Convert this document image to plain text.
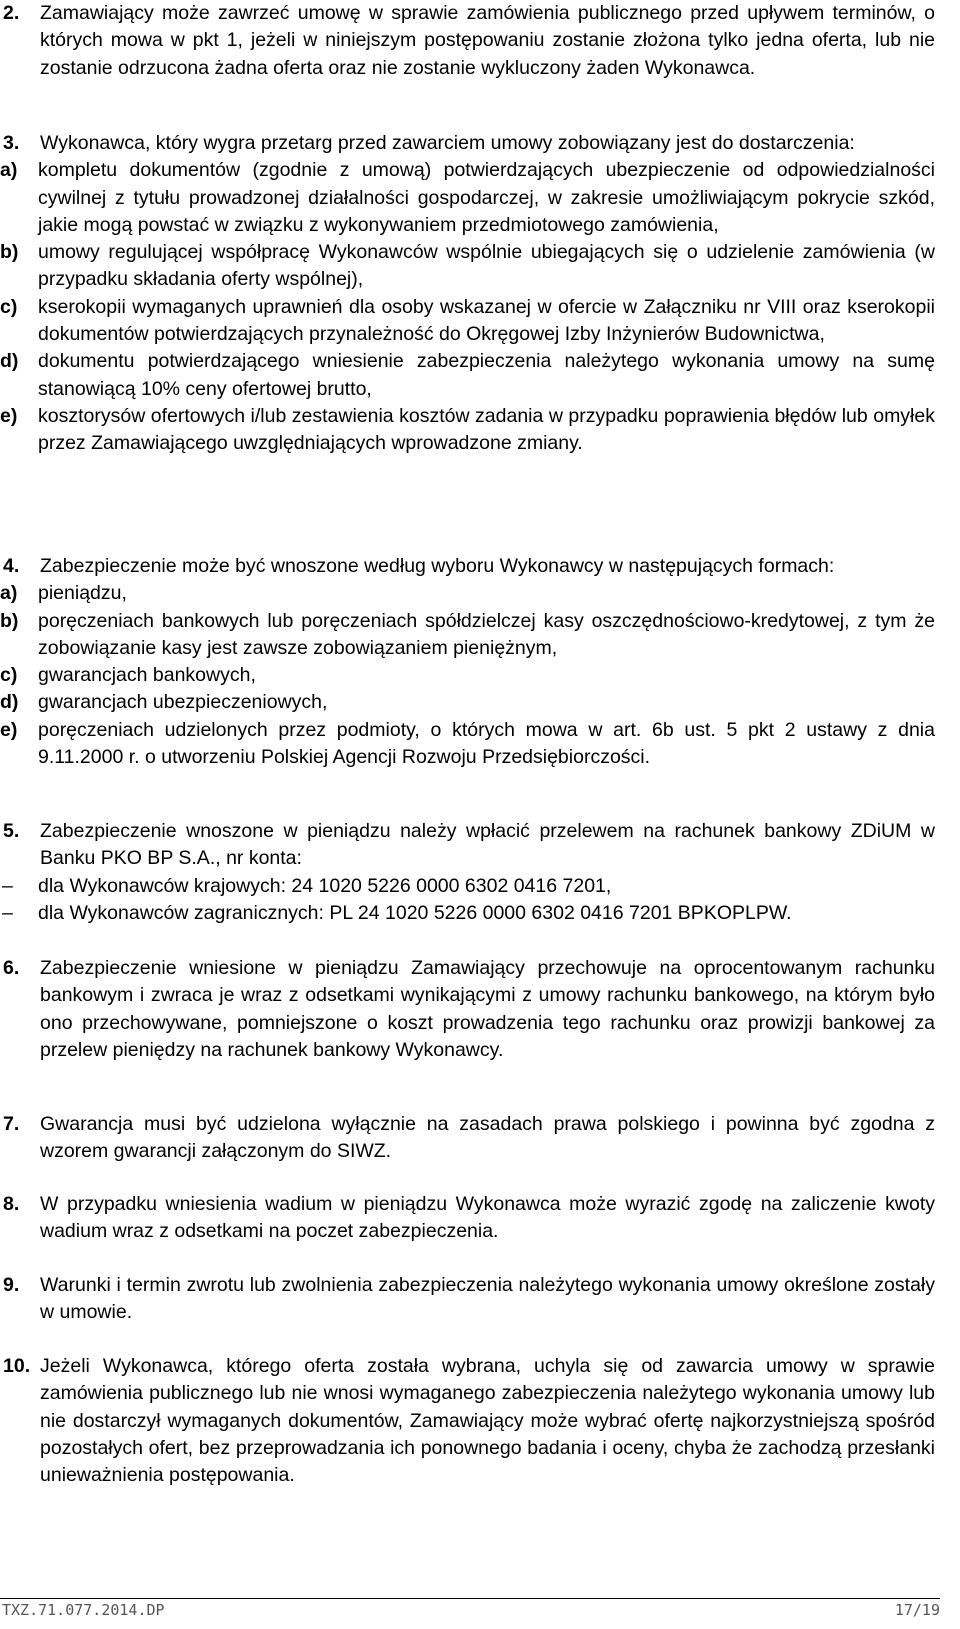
2. Zamawiający może zawrzeć umowę w sprawie zamówienia publicznego przed upływem terminów, o których mowa w pkt 1, jeżeli w niniejszym postępowaniu zostanie złożona tylko jedna oferta, lub nie zostanie odrzucona żadna oferta oraz nie zostanie wykluczony żaden Wykonawca.
3. Wykonawca, który wygra przetarg przed zawarciem umowy zobowiązany jest do dostarczenia:
a) kompletu dokumentów (zgodnie z umową) potwierdzających ubezpieczenie od odpowiedzialności cywilnej z tytułu prowadzonej działalności gospodarczej, w zakresie umożliwiającym pokrycie szkód, jakie mogą powstać w związku z wykonywaniem przedmiotowego zamówienia,
b) umowy regulującej współpracę Wykonawców wspólnie ubiegających się o udzielenie zamówienia (w przypadku składania oferty wspólnej),
c) kserokopii wymaganych uprawnień dla osoby wskazanej w ofercie w Załączniku nr VIII oraz kserokopii dokumentów potwierdzających przynależność do Okręgowej Izby Inżynierów Budownictwa,
d) dokumentu potwierdzającego wniesienie zabezpieczenia należytego wykonania umowy na sumę stanowiącą 10% ceny ofertowej brutto,
e) kosztorysów ofertowych i/lub zestawienia kosztów zadania w przypadku poprawienia błędów lub omyłek przez Zamawiającego uwzględniających wprowadzone zmiany.
4. Zabezpieczenie może być wnoszone według wyboru Wykonawcy w następujących formach:
a) pieniądzu,
b) poręczeniach bankowych lub poręczeniach spółdzielczej kasy oszczędnościowo-kredytowej, z tym że zobowiązanie kasy jest zawsze zobowiązaniem pieniężnym,
c) gwarancjach bankowych,
d) gwarancjach ubezpieczeniowych,
e) poręczeniach udzielonych przez podmioty, o których mowa w art. 6b ust. 5 pkt 2 ustawy z dnia 9.11.2000 r. o utworzeniu Polskiej Agencji Rozwoju Przedsiębiorczości.
5. Zabezpieczenie wnoszone w pieniądzu należy wpłacić przelewem na rachunek bankowy ZDiUM w Banku PKO BP S.A., nr konta:
– dla Wykonawców krajowych: 24 1020 5226 0000 6302 0416 7201,
– dla Wykonawców zagranicznych: PL 24 1020 5226 0000 6302 0416 7201 BPKOPLPW.
6. Zabezpieczenie wniesione w pieniądzu Zamawiający przechowuje na oprocentowanym rachunku bankowym i zwraca je wraz z odsetkami wynikającymi z umowy rachunku bankowego, na którym było ono przechowywane, pomniejszone o koszt prowadzenia tego rachunku oraz prowizji bankowej za przelew pieniędzy na rachunek bankowy Wykonawcy.
7. Gwarancja musi być udzielona wyłącznie na zasadach prawa polskiego i powinna być zgodna z wzorem gwarancji załączonym do SIWZ.
8. W przypadku wniesienia wadium w pieniądzu Wykonawca może wyrazić zgodę na zaliczenie kwoty wadium wraz z odsetkami na poczet zabezpieczenia.
9. Warunki i termin zwrotu lub zwolnienia zabezpieczenia należytego wykonania umowy określone zostały w umowie.
10. Jeżeli Wykonawca, którego oferta została wybrana, uchyla się od zawarcia umowy w sprawie zamówienia publicznego lub nie wnosi wymaganego zabezpieczenia należytego wykonania umowy lub nie dostarczył wymaganych dokumentów, Zamawiający może wybrać ofertę najkorzystniejszą spośród pozostałych ofert, bez przeprowadzania ich ponownego badania i oceny, chyba że zachodzą przesłanki unieważnienia postępowania.
TXZ.71.077.2014.DP	17/19
